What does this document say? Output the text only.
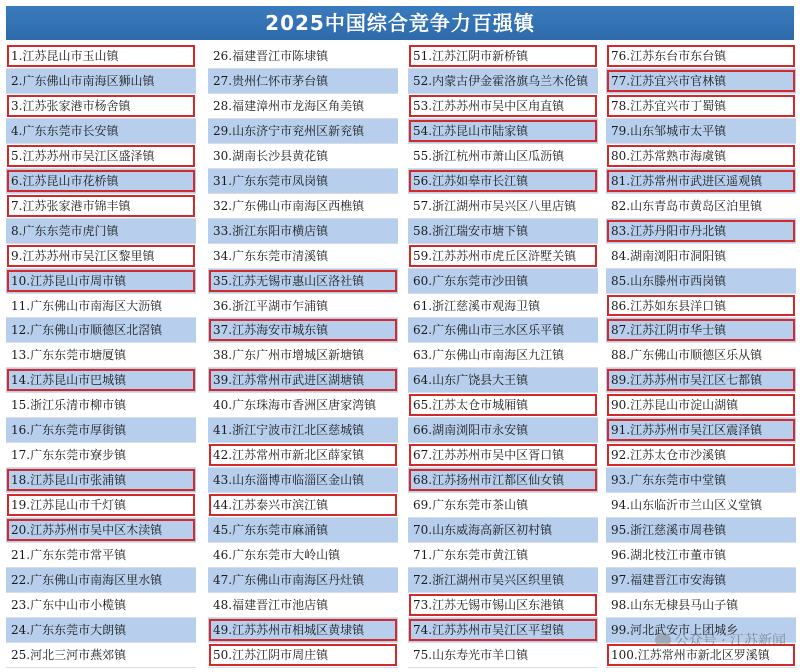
2025中国综合竞争力百强镇
1.江苏昆山市玉山镇
2.广东佛山市南海区狮山镇
3.江苏张家港市杨舍镇
4.广东东莞市长安镇
5.江苏苏州市吴江区盛泽镇
6.江苏昆山市花桥镇
7.江苏张家港市锦丰镇
8.广东东莞市虎门镇
9.江苏苏州市吴江区黎里镇
10.江苏昆山市周市镇
11.广东佛山市南海区大沥镇
12.广东佛山市顺德区北滘镇
13.广东东莞市塘厦镇
14.江苏昆山市巴城镇
15.浙江乐清市柳市镇
16.广东东莞市厚街镇
17.广东东莞市寮步镇
18.江苏昆山市张浦镇
19.江苏昆山市千灯镇
20.江苏苏州市吴中区木渎镇
21.广东东莞市常平镇
22.广东佛山市南海区里水镇
23.广东中山市小榄镇
24.广东东莞市大朗镇
25.河北三河市燕郊镇
26.福建晋江市陈埭镇
27.贵州仁怀市茅台镇
28.福建漳州市龙海区角美镇
29.山东济宁市兖州区新兖镇
30.湖南长沙县黄花镇
31.广东东莞市凤岗镇
32.广东佛山市南海区西樵镇
33.浙江东阳市横店镇
34.广东东莞市清溪镇
35.江苏无锡市惠山区洛社镇
36.浙江平湖市乍浦镇
37.江苏海安市城东镇
38.广东广州市增城区新塘镇
39.江苏常州市武进区湖塘镇
40.广东珠海市香洲区唐家湾镇
41.浙江宁波市江北区慈城镇
42.江苏常州市新北区薛家镇
43.山东淄博市临淄区金山镇
44.江苏泰兴市滨江镇
45.广东东莞市麻涌镇
46.广东东莞市大岭山镇
47.广东佛山市南海区丹灶镇
48.福建晋江市池店镇
49.江苏苏州市相城区黄埭镇
50.江苏江阴市周庄镇
51.江苏江阴市新桥镇
52.内蒙古伊金霍洛旗乌兰木伦镇
53.江苏苏州市吴中区甪直镇
54.江苏昆山市陆家镇
55.浙江杭州市萧山区瓜沥镇
56.江苏如皋市长江镇
57.浙江湖州市吴兴区八里店镇
58.浙江瑞安市塘下镇
59.江苏苏州市虎丘区浒墅关镇
60.广东东莞市沙田镇
61.浙江慈溪市观海卫镇
62.广东佛山市三水区乐平镇
63.广东佛山市南海区九江镇
64.山东广饶县大王镇
65.江苏太仓市城厢镇
66.湖南浏阳市永安镇
67.江苏苏州市吴中区胥口镇
68.江苏扬州市江都区仙女镇
69.广东东莞市茶山镇
70.山东威海高新区初村镇
71.广东东莞市黄江镇
72.浙江湖州市吴兴区织里镇
73.江苏无锡市锡山区东港镇
74.江苏苏州市吴江区平望镇
75.山东寿光市羊口镇
76.江苏东台市东台镇
77.江苏宜兴市官林镇
78.江苏宜兴市丁蜀镇
79.山东邹城市太平镇
80.江苏常熟市海虞镇
81.江苏常州市武进区遥观镇
82.山东青岛市黄岛区泊里镇
83.江苏丹阳市丹北镇
84.湖南浏阳市洞阳镇
85.山东滕州市西岗镇
86.江苏如东县洋口镇
87.江苏江阴市华士镇
88.广东佛山市顺德区乐从镇
89.江苏苏州市吴江区七都镇
90.江苏昆山市淀山湖镇
91.江苏苏州市吴江区震泽镇
92.江苏太仓市沙溪镇
93.广东东莞市中堂镇
94.山东临沂市兰山区义堂镇
95.浙江慈溪市周巷镇
96.湖北枝江市董市镇
97.福建晋江市安海镇
98.山东无棣县马山子镇
99.河北武安市上团城乡
100.江苏常州市新北区罗溪镇
公众号 · 江苏新闻
